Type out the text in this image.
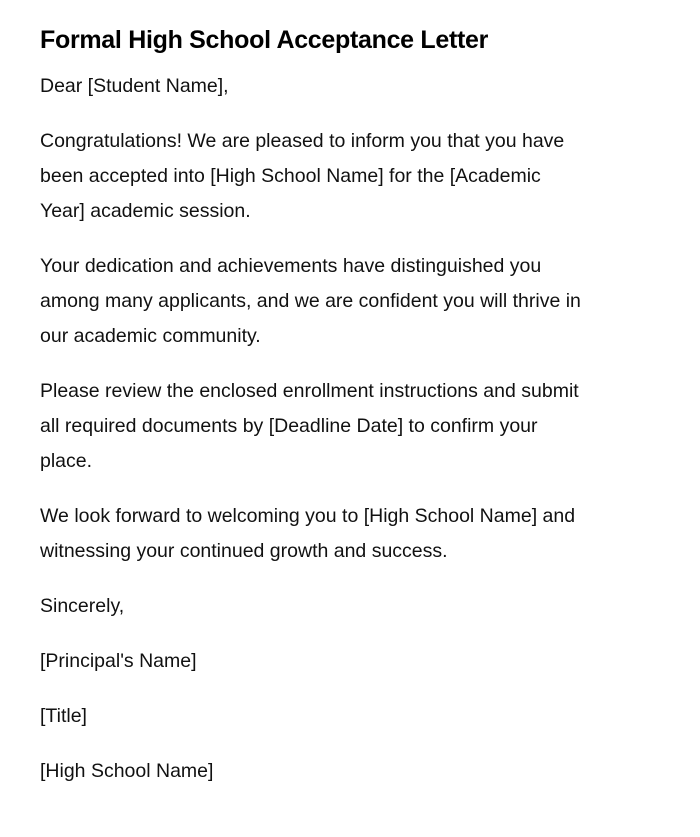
Formal High School Acceptance Letter

Dear [Student Name],

Congratulations! We are pleased to inform you that you have
been accepted into [High School Name] for the [Academic
Year] academic session.

Your dedication and achievements have distinguished you
among many applicants, and we are confident you will thrive in
our academic community.

Please review the enclosed enrollment instructions and submit
all required documents by [Deadline Date] to confirm your
place.

We look forward to welcoming you to [High School Name] and
witnessing your continued growth and success.

Sincerely,

[Principal's Name]

[Title]

[High School Name]
